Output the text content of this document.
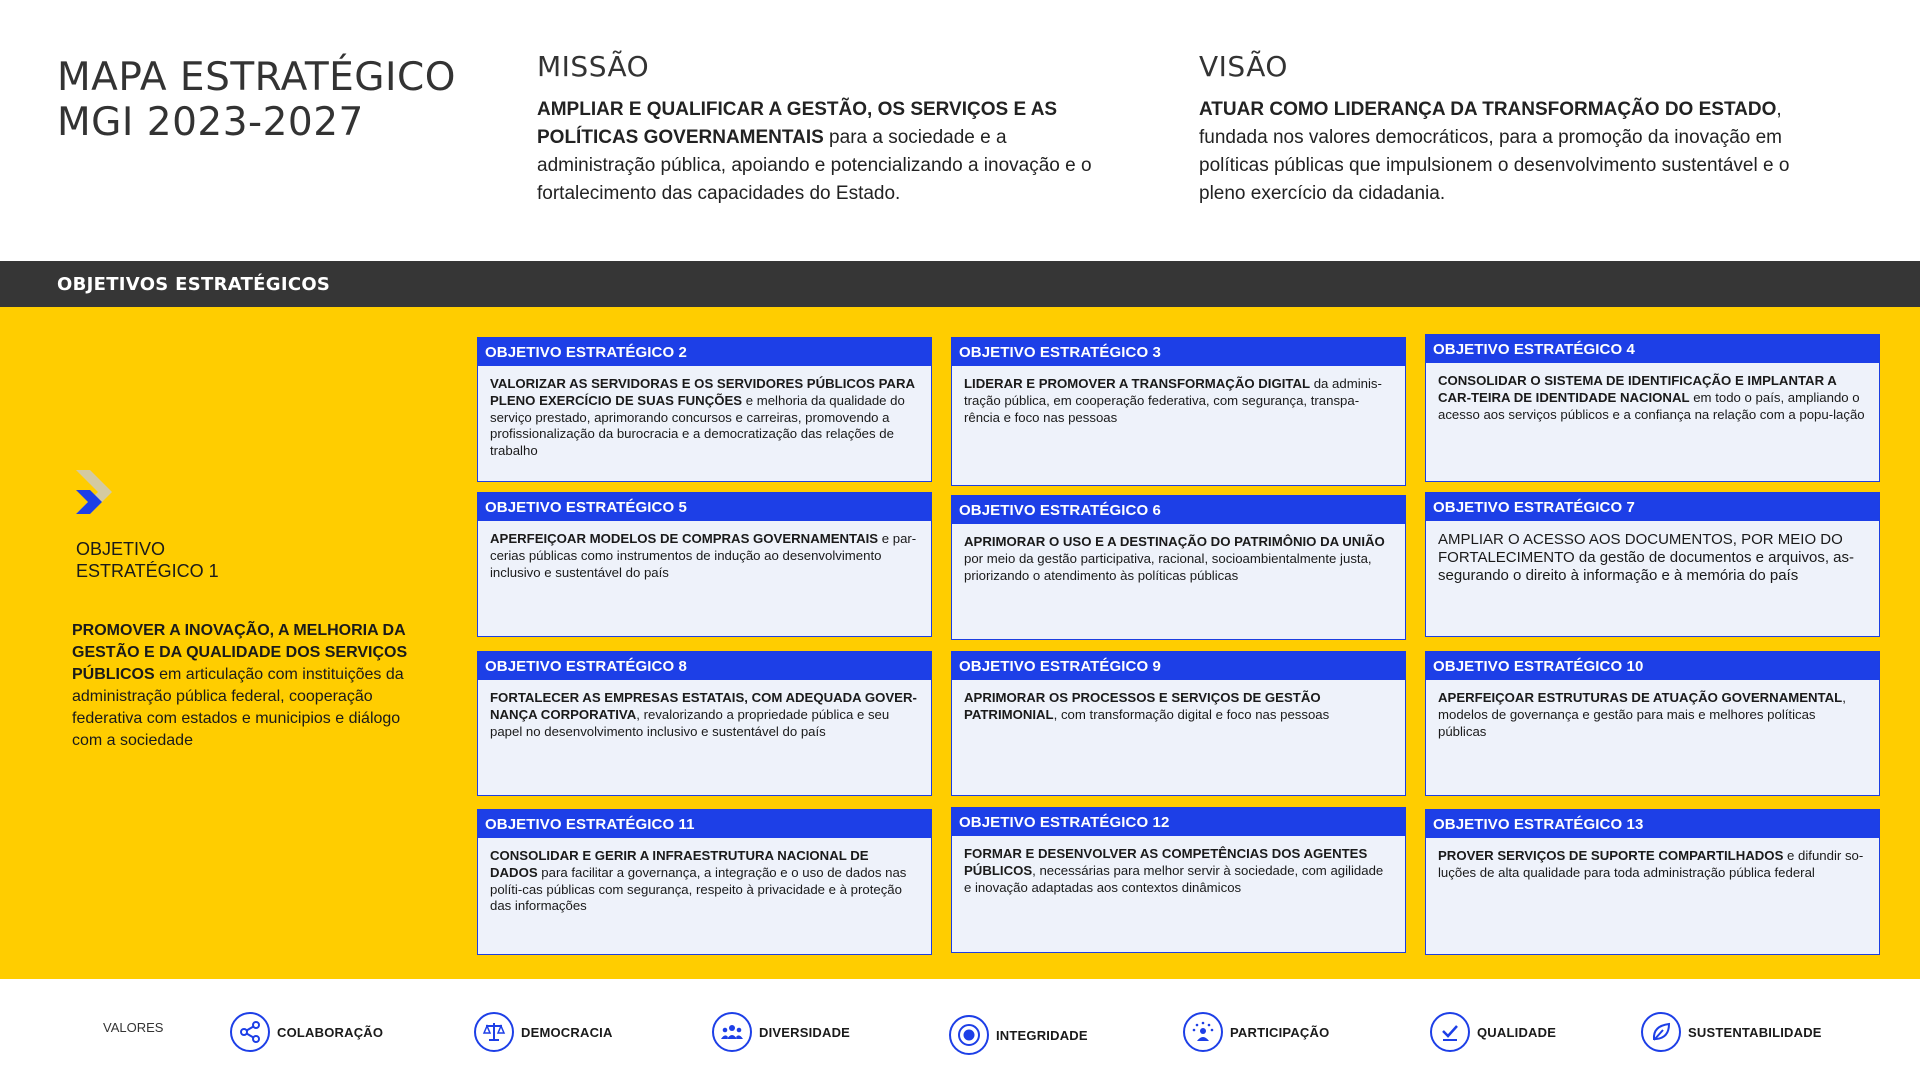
MAPA ESTRATÉGICO
MGI 2023-2027
MISSÃO
AMPLIAR E QUALIFICAR A GESTÃO, OS SERVIÇOS E AS POLÍTICAS GOVERNAMENTAIS para a sociedade e a administração pública, apoiando e potencializando a inovação e o fortalecimento das capacidades do Estado.
VISÃO
ATUAR COMO LIDERANÇA DA TRANSFORMAÇÃO DO ESTADO, fundada nos valores democráticos, para a promoção da inovação em políticas públicas que impulsionem o desenvolvimento sustentável e o pleno exercício da cidadania.
OBJETIVOS ESTRATÉGICOS
OBJETIVO
ESTRATÉGICO 1
PROMOVER A INOVAÇÃO, A MELHORIA DA GESTÃO E DA QUALIDADE DOS SERVIÇOS PÚBLICOS em articulação com instituições da administração pública federal, cooperação federativa com estados e municipios e diálogo com a sociedade
OBJETIVO ESTRATÉGICO 2
VALORIZAR AS SERVIDORAS E OS SERVIDORES PÚBLICOS PARA PLENO EXERCÍCIO DE SUAS FUNÇÕES e melhoria da qualidade do serviço prestado, aprimorando concursos e carreiras, promovendo a profissionalização da burocracia e a democratização das relações de trabalho
OBJETIVO ESTRATÉGICO 3
LIDERAR E PROMOVER A TRANSFORMAÇÃO DIGITAL da adminis-tração pública, em cooperação federativa, com segurança, transpa-rência e foco nas pessoas
OBJETIVO ESTRATÉGICO 4
CONSOLIDAR O SISTEMA DE IDENTIFICAÇÃO E IMPLANTAR A CAR-TEIRA DE IDENTIDADE NACIONAL em todo o país, ampliando o acesso aos serviços públicos e a confiança na relação com a popu-lação
OBJETIVO ESTRATÉGICO 5
APERFEIÇOAR MODELOS DE COMPRAS GOVERNAMENTAIS e par-cerias públicas como instrumentos de indução ao desenvolvimento inclusivo e sustentável do país
OBJETIVO ESTRATÉGICO 6
APRIMORAR O USO E A DESTINAÇÃO DO PATRIMÔNIO DA UNIÃO por meio da gestão participativa, racional, socioambientalmente justa, priorizando o atendimento às políticas públicas
OBJETIVO ESTRATÉGICO 7
AMPLIAR O ACESSO AOS DOCUMENTOS, POR MEIO DO FORTALECIMENTO da gestão de documentos e arquivos, as-segurando o direito à informação e à memória do país
OBJETIVO ESTRATÉGICO 8
FORTALECER AS EMPRESAS ESTATAIS, COM ADEQUADA GOVER-NANÇA CORPORATIVA, revalorizando a propriedade pública e seu papel no desenvolvimento inclusivo e sustentável do país
OBJETIVO ESTRATÉGICO 9
APRIMORAR OS PROCESSOS E SERVIÇOS DE GESTÃO PATRIMONIAL, com transformação digital e foco nas pessoas
OBJETIVO ESTRATÉGICO 10
APERFEIÇOAR ESTRUTURAS DE ATUAÇÃO GOVERNAMENTAL, modelos de governança e gestão para mais e melhores políticas públicas
OBJETIVO ESTRATÉGICO 11
CONSOLIDAR E GERIR A INFRAESTRUTURA NACIONAL DE DADOS para facilitar a governança, a integração e o uso de dados nas políti-cas públicas com segurança, respeito à privacidade e à proteção das informações
OBJETIVO ESTRATÉGICO 12
FORMAR E DESENVOLVER AS COMPETÊNCIAS DOS AGENTES PÚBLICOS, necessárias para melhor servir à sociedade, com agilidade e inovação adaptadas aos contextos dinâmicos
OBJETIVO ESTRATÉGICO 13
PROVER SERVIÇOS DE SUPORTE COMPARTILHADOS e difundir so-luções de alta qualidade para toda administração pública federal
VALORES	COLABORAÇÃO	DEMOCRACIA	DIVERSIDADE	INTEGRIDADE	PARTICIPAÇÃO	QUALIDADE	SUSTENTABILIDADE
